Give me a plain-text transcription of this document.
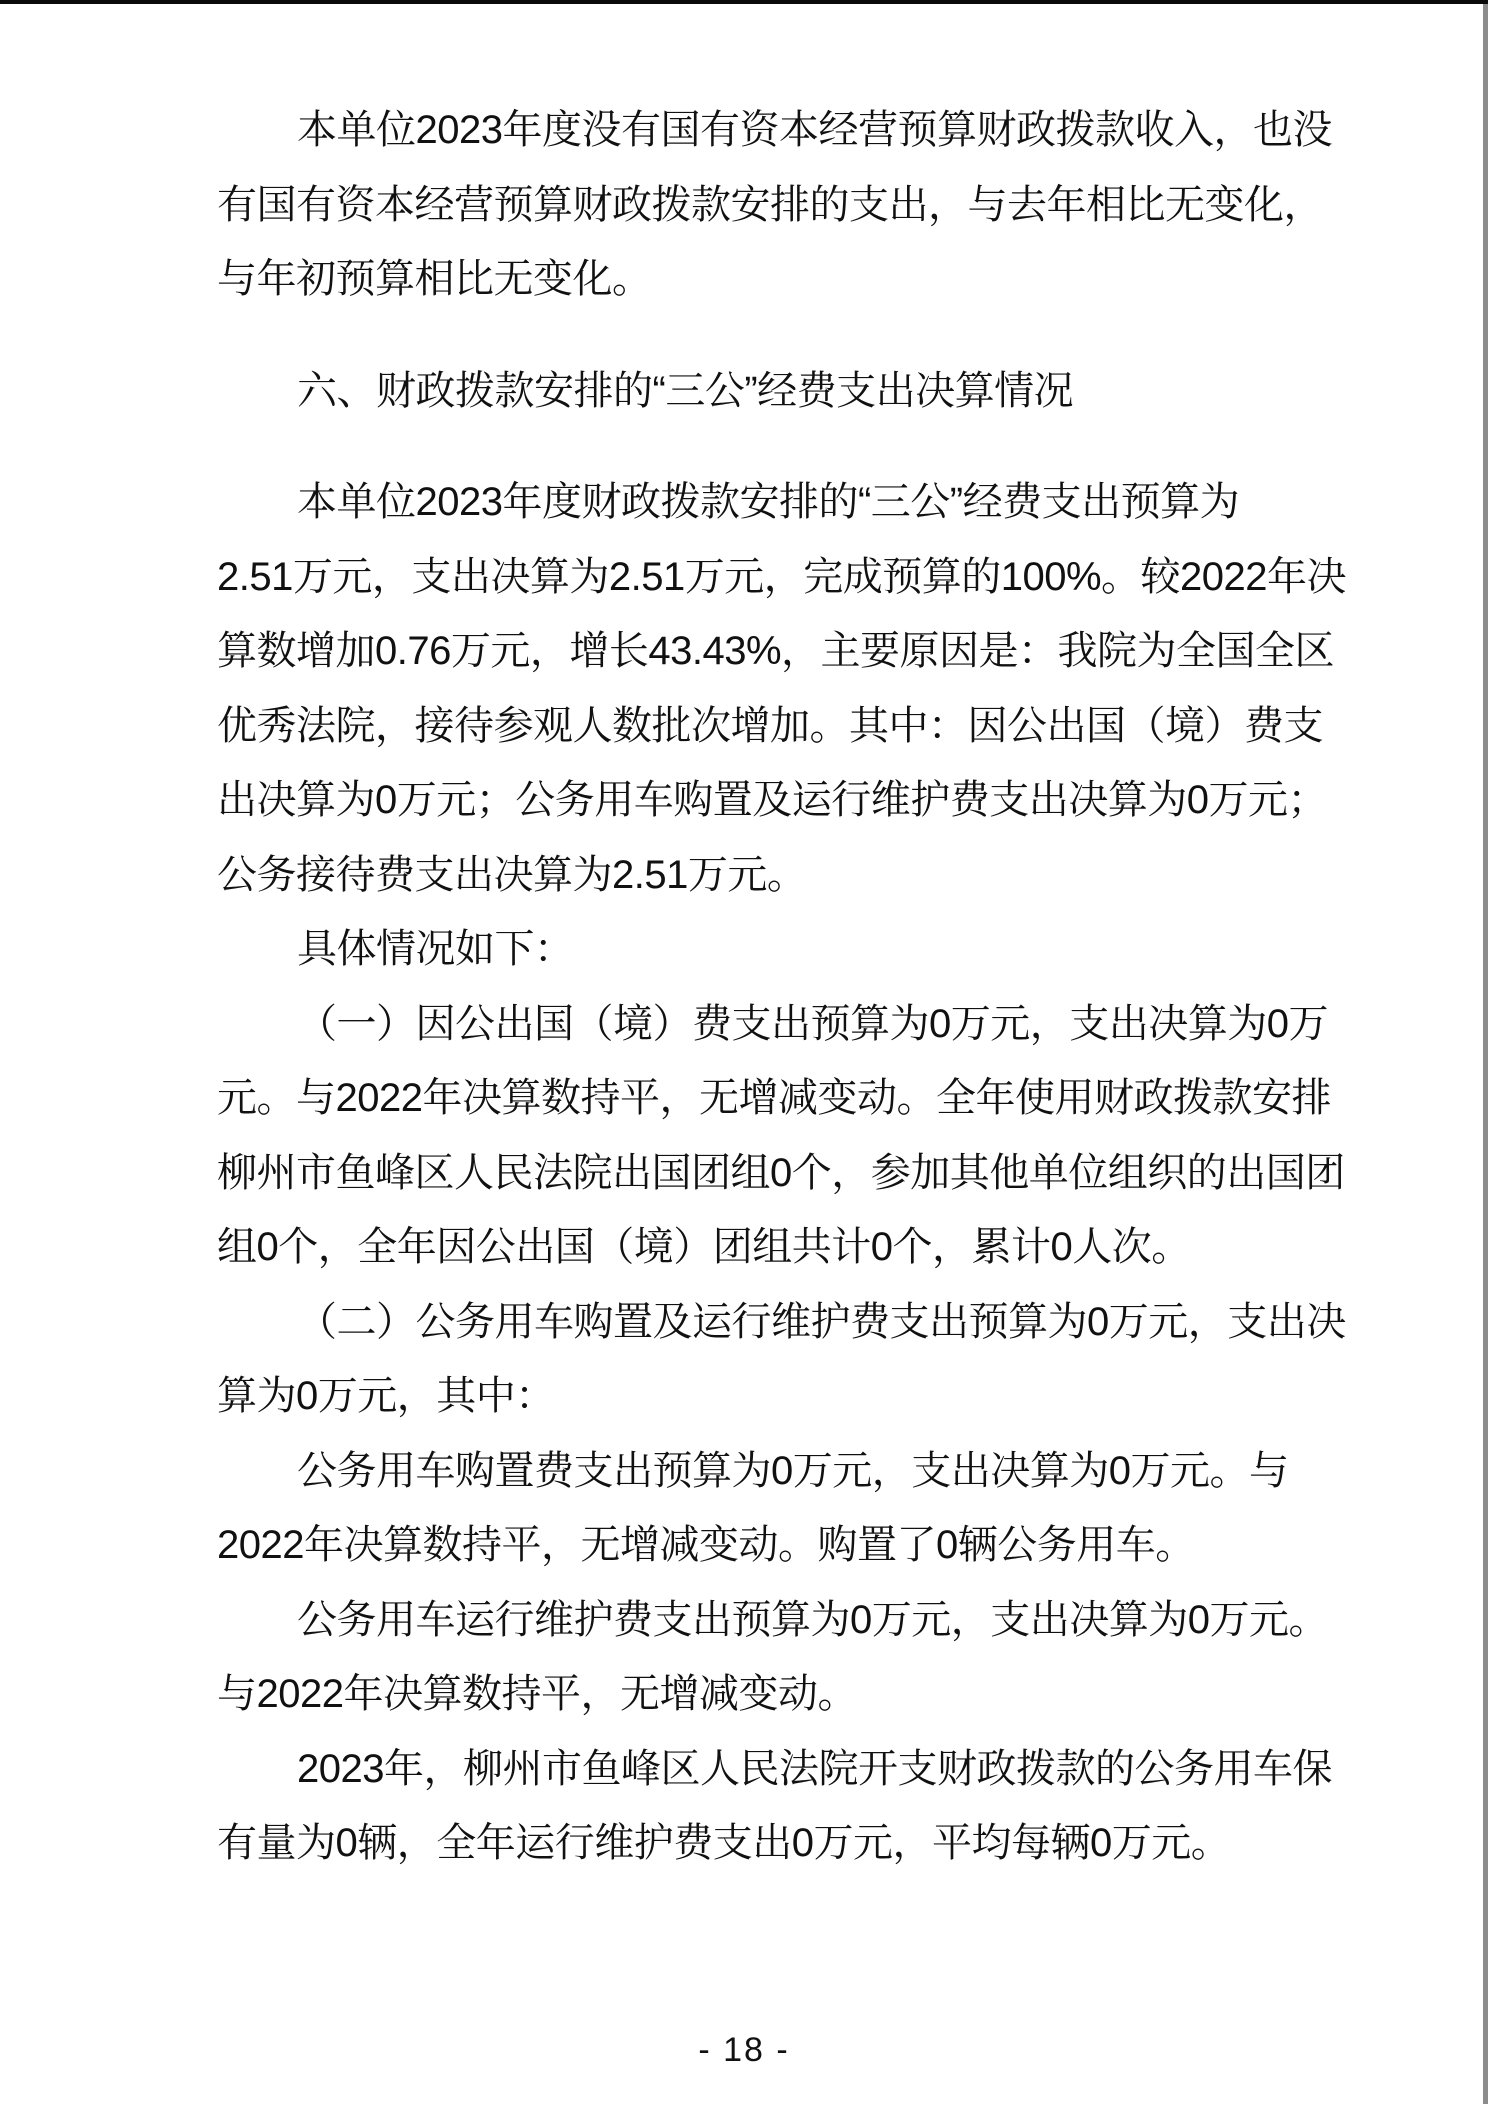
本单位2023年度没有国有资本经营预算财政拨款收入，也没
有国有资本经营预算财政拨款安排的支出，与去年相比无变化，
与年初预算相比无变化。
六、财政拨款安排的“三公”经费支出决算情况
本单位2023年度财政拨款安排的“三公”经费支出预算为
2.51万元，支出决算为2.51万元，完成预算的100%。较2022年决
算数增加0.76万元，增长43.43%，主要原因是：我院为全国全区
优秀法院，接待参观人数批次增加。其中：因公出国（境）费支
出决算为0万元；公务用车购置及运行维护费支出决算为0万元；
公务接待费支出决算为2.51万元。
具体情况如下：
（一）因公出国（境）费支出预算为0万元，支出决算为0万
元。与2022年决算数持平，无增减变动。全年使用财政拨款安排
柳州市鱼峰区人民法院出国团组0个，参加其他单位组织的出国团
组0个，全年因公出国（境）团组共计0个，累计0人次。
（二）公务用车购置及运行维护费支出预算为0万元，支出决
算为0万元，其中：
公务用车购置费支出预算为0万元，支出决算为0万元。与
2022年决算数持平，无增减变动。购置了0辆公务用车。
公务用车运行维护费支出预算为0万元，支出决算为0万元。
与2022年决算数持平，无增减变动。
2023年，柳州市鱼峰区人民法院开支财政拨款的公务用车保
有量为0辆，全年运行维护费支出0万元，平均每辆0万元。
- 18 -
